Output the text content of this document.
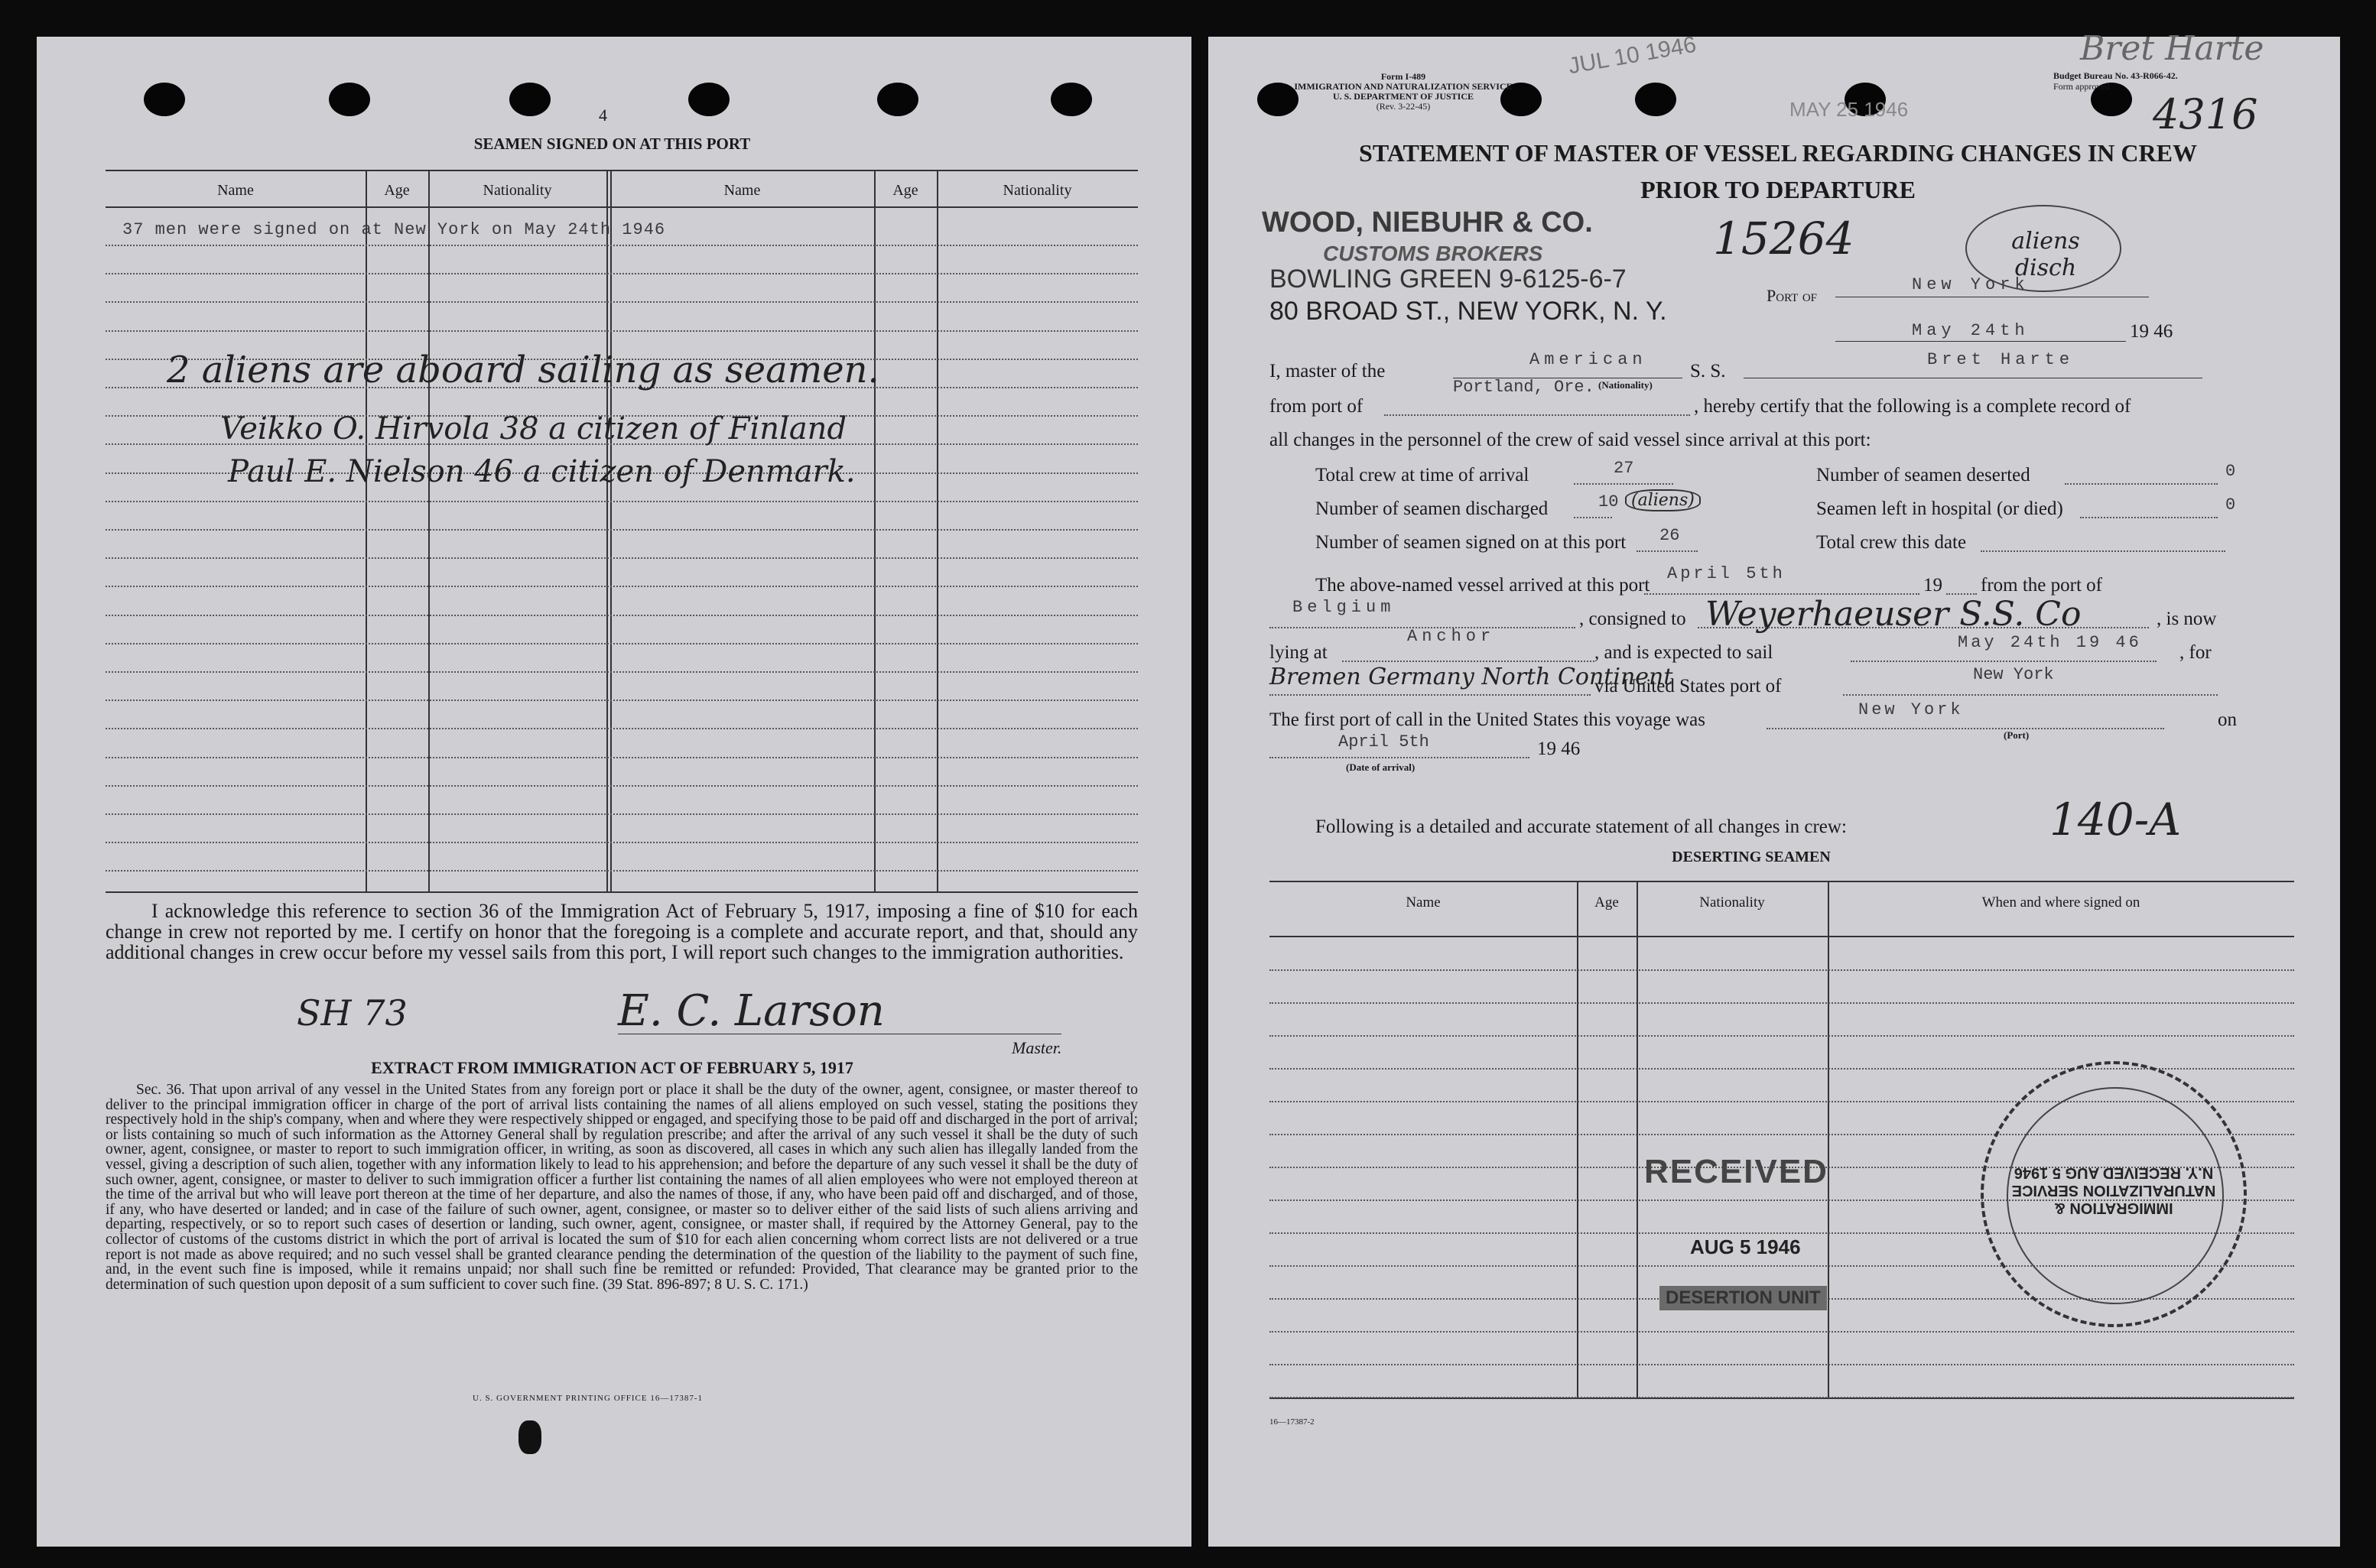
4
SEAMEN SIGNED ON AT THIS PORT
Name	Age	Nationality	Name	Age	Nationality
37 men were signed on at New York on May 24th 1946
2 aliens are aboard sailing as seamen.
Veikko O. Hirvola 38 a citizen of Finland
Paul E. Nielson 46 a citizen of Denmark.
I acknowledge this reference to section 36 of the Immigration Act of February 5, 1917, imposing a fine of $10 for each change in crew not reported by me. I certify on honor that the foregoing is a complete and accurate report, and that, should any additional changes in crew occur before my vessel sails from this port, I will report such changes to the immigration authorities.
SH 73	E. C. Larson
Master.
EXTRACT FROM IMMIGRATION ACT OF FEBRUARY 5, 1917
Sec. 36. That upon arrival of any vessel in the United States from any foreign port or place it shall be the duty of the owner, agent, consignee, or master thereof to deliver to the principal immigration officer in charge of the port of arrival lists containing the names of all aliens employed on such vessel, stating the positions they respectively hold in the ship's company, when and where they were respectively shipped or engaged, and specifying those to be paid off and discharged in the port of arrival; or lists containing so much of such information as the Attorney General shall by regulation prescribe; and after the arrival of any such vessel it shall be the duty of such owner, agent, consignee, or master to report to such immigration officer, in writing, as soon as discovered, all cases in which any such alien has illegally landed from the vessel, giving a description of such alien, together with any information likely to lead to his apprehension; and before the departure of any such vessel it shall be the duty of such owner, agent, consignee, or master to deliver to such immigration officer a further list containing the names of all alien employees who were not employed thereon at the time of the arrival but who will leave port thereon at the time of her departure, and also the names of those, if any, who have been paid off and discharged, and of those, if any, who have deserted or landed; and in case of the failure of such owner, agent, consignee, or master so to deliver either of the said lists of such aliens arriving and departing, respectively, or so to report such cases of desertion or landing, such owner, agent, consignee, or master shall, if required by the Attorney General, pay to the collector of customs of the customs district in which the port of arrival is located the sum of $10 for each alien concerning whom correct lists are not delivered or a true report is not made as above required; and no such vessel shall be granted clearance pending the determination of the question of the liability to the payment of such fine, and, in the event such fine is imposed, while it remains unpaid; nor shall such fine be remitted or refunded: Provided, That clearance may be granted prior to the determination of such question upon deposit of a sum sufficient to cover such fine. (39 Stat. 896-897; 8 U. S. C. 171.)
U. S. GOVERNMENT PRINTING OFFICE 16—17387-1
Form I-489
IMMIGRATION AND NATURALIZATION SERVICE
U. S. DEPARTMENT OF JUSTICE
(Rev. 3-22-45)
JUL 10 1946
MAY 25 1946
Bret Harte
Budget Bureau No. 43-R066-42.
Form approved
4316
STATEMENT OF MASTER OF VESSEL REGARDING CHANGES IN CREW
PRIOR TO DEPARTURE
WOOD, NIEBUHR & CO.
CUSTOMS BROKERS
BOWLING GREEN 9-6125-6-7
80 BROAD ST., NEW YORK, N. Y.
15264	aliens disch
Port of
New York
May 24th	19 46
I, master of the
American
(Nationality)
S. S.
Bret Harte
from port of
Portland, Ore.
, hereby certify that the following is a complete record of
all changes in the personnel of the crew of said vessel since arrival at this port:
Total crew at time of arrival	27
Number of seamen discharged	10 (aliens)
Number of seamen signed on at this port 26
Number of seamen deserted	0
Seamen left in hospital (or died)	0
Total crew this date
The above-named vessel arrived at this port
April 5th
19 from the port of
Belgium
, consigned to Weyerhaeuser S.S. Co	, is now
lying at
Anchor
, and is expected to sail	May 24th 19 46 , for
Bremen Germany North Continent
via United States port of
New York
The first port of call in the United States this voyage was	New York
(Port)
on
April 5th	19 46
(Date of arrival)
Following is a detailed and accurate statement of all changes in crew:	140-A
DESERTING SEAMEN
Name	Age	Nationality	When and where signed on
RECEIVED
AUG 5 1946
DESERTION UNIT
IMMIGRATION & NATURALIZATION SERVICE N.Y. RECEIVED AUG 5 1946
16—17387-2
